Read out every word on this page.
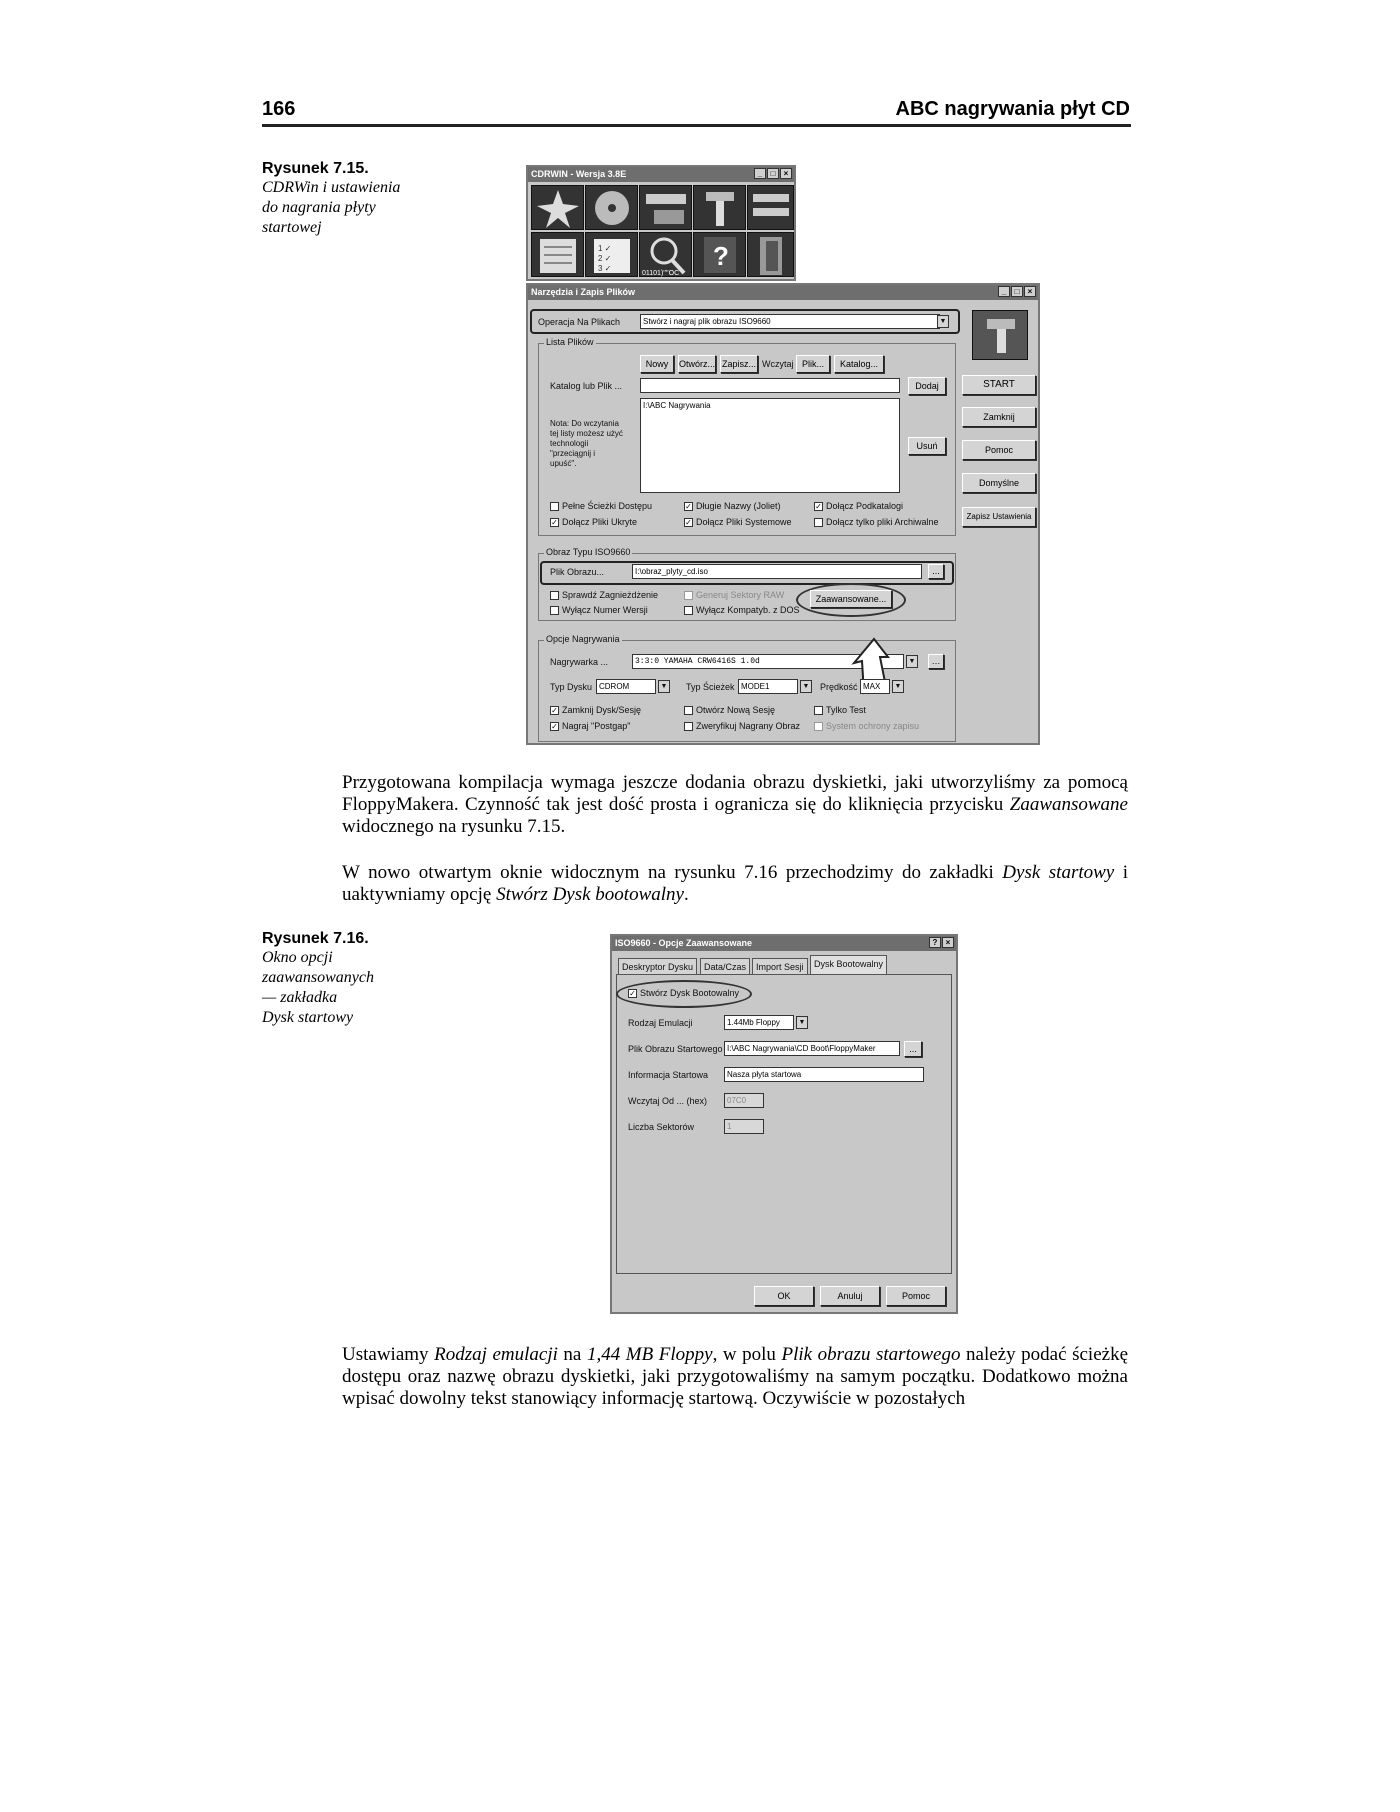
166	ABC nagrywania płyt CD
Rysunek 7.15.
CDRWin i ustawienia
do nagrania płyty
startowej
CDRWIN - Wersja 3.8E	_	□	×
1 ✓
2 ✓
3 ✓
01101)''''OC
?
Narzędzia i Zapis Plików	_	□	×
Operacja Na Plikach	Stwórz i nagraj plik obrazu ISO9660	▼
Lista Plików
Nowy	Otwórz... Zapisz... Wczytaj Plik...	Katalog...
Katalog lub Plik ...	Dodaj
I:\ABC Nagrywania
Nota: Do wczytania
tej listy możesz użyć
technologii
"przeciągnij i
upuść".
Usuń
Pełne Ścieżki Dostępu	✓ Długie Nazwy (Joliet)	✓ Dołącz Podkatalogi
✓ Dołącz Pliki Ukryte	✓ Dołącz Pliki Systemowe	Dołącz tylko pliki Archiwalne
Obraz Typu ISO9660
Plik Obrazu...	I:\obraz_plyty_cd.iso	...
Sprawdź Zagnieżdżenie	Generuj Sektory RAW
Wyłącz Numer Wersji	Wyłącz Kompatyb. z DOS
Zaawansowane...
Opcje Nagrywania
Nagrywarka ...	3:3:0 YAMAHA CRW6416S 1.0d	▼	…
Typ Dysku CDROM	▼ Typ Ścieżek MODE1	▼ Prędkość MAX	▼
✓ Zamknij Dysk/Sesję	Otwórz Nową Sesję	Tylko Test
✓ Nagraj "Postgap"	Zweryfikuj Nagrany Obraz	System ochrony zapisu
START
Zamknij
Pomoc
Domyślne
Zapisz Ustawienia

Przygotowana kompilacja wymaga jeszcze dodania obrazu dyskietki, jaki utworzyliśmy za pomocą FloppyMakera. Czynność tak jest dość prosta i ogranicza się do kliknięcia przycisku Zaawansowane widocznego na rysunku 7.15.

W nowo otwartym oknie widocznym na rysunku 7.16 przechodzimy do zakładki Dysk startowy i uaktywniamy opcję Stwórz Dysk bootowalny.

Rysunek 7.16.
Okno opcji
zaawansowanych
— zakładka
Dysk startowy
ISO9660 - Opcje Zaawansowane	?	×
Deskryptor Dysku	Data/Czas	Import Sesji	Dysk Bootowalny
✓ Stwórz Dysk Bootowalny
Rodzaj Emulacji	1.44Mb Floppy	▼
Plik Obrazu Startowego I:\ABC Nagrywania\CD Boot\FloppyMaker	...
Informacja Startowa	Nasza płyta startowa
Wczytaj Od ... (hex)	07C0
Liczba Sektorów	1
OK	Anuluj	Pomoc

Ustawiamy Rodzaj emulacji na 1,44 MB Floppy, w polu Plik obrazu startowego należy podać ścieżkę dostępu oraz nazwę obrazu dyskietki, jaki przygotowaliśmy na samym początku. Dodatkowo można wpisać dowolny tekst stanowiący informację startową. Oczywiście w pozostałych
